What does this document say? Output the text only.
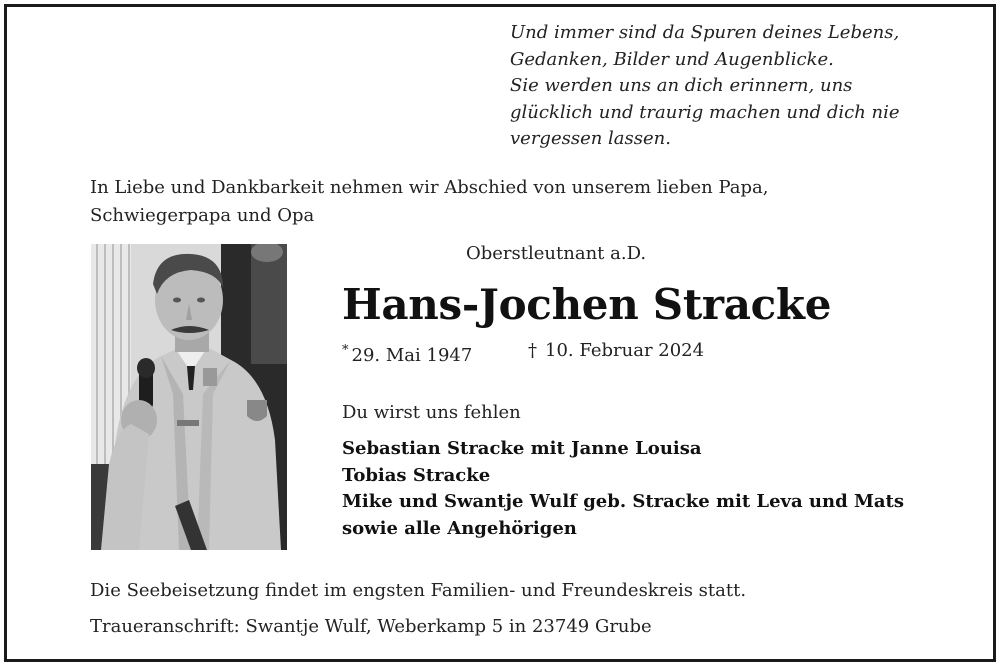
Und immer sind da Spuren deines Lebens,
Gedanken, Bilder und Augenblicke.
Sie werden uns an dich erinnern, uns
glücklich und traurig machen und dich nie
vergessen lassen.
In Liebe und Dankbarkeit nehmen wir Abschied von unserem lieben Papa,
Schwiegerpapa und Opa
Oberstleutnant a.D.
Hans-Jochen Stracke
* 29. Mai 1947	† 10. Februar 2024
Du wirst uns fehlen
Sebastian Stracke mit Janne Louisa
Tobias Stracke
Mike und Swantje Wulf geb. Stracke mit Leva und Mats
sowie alle Angehörigen
Die Seebeisetzung findet im engsten Familien- und Freundeskreis statt.
Traueranschrift: Swantje Wulf, Weberkamp 5 in 23749 Grube
